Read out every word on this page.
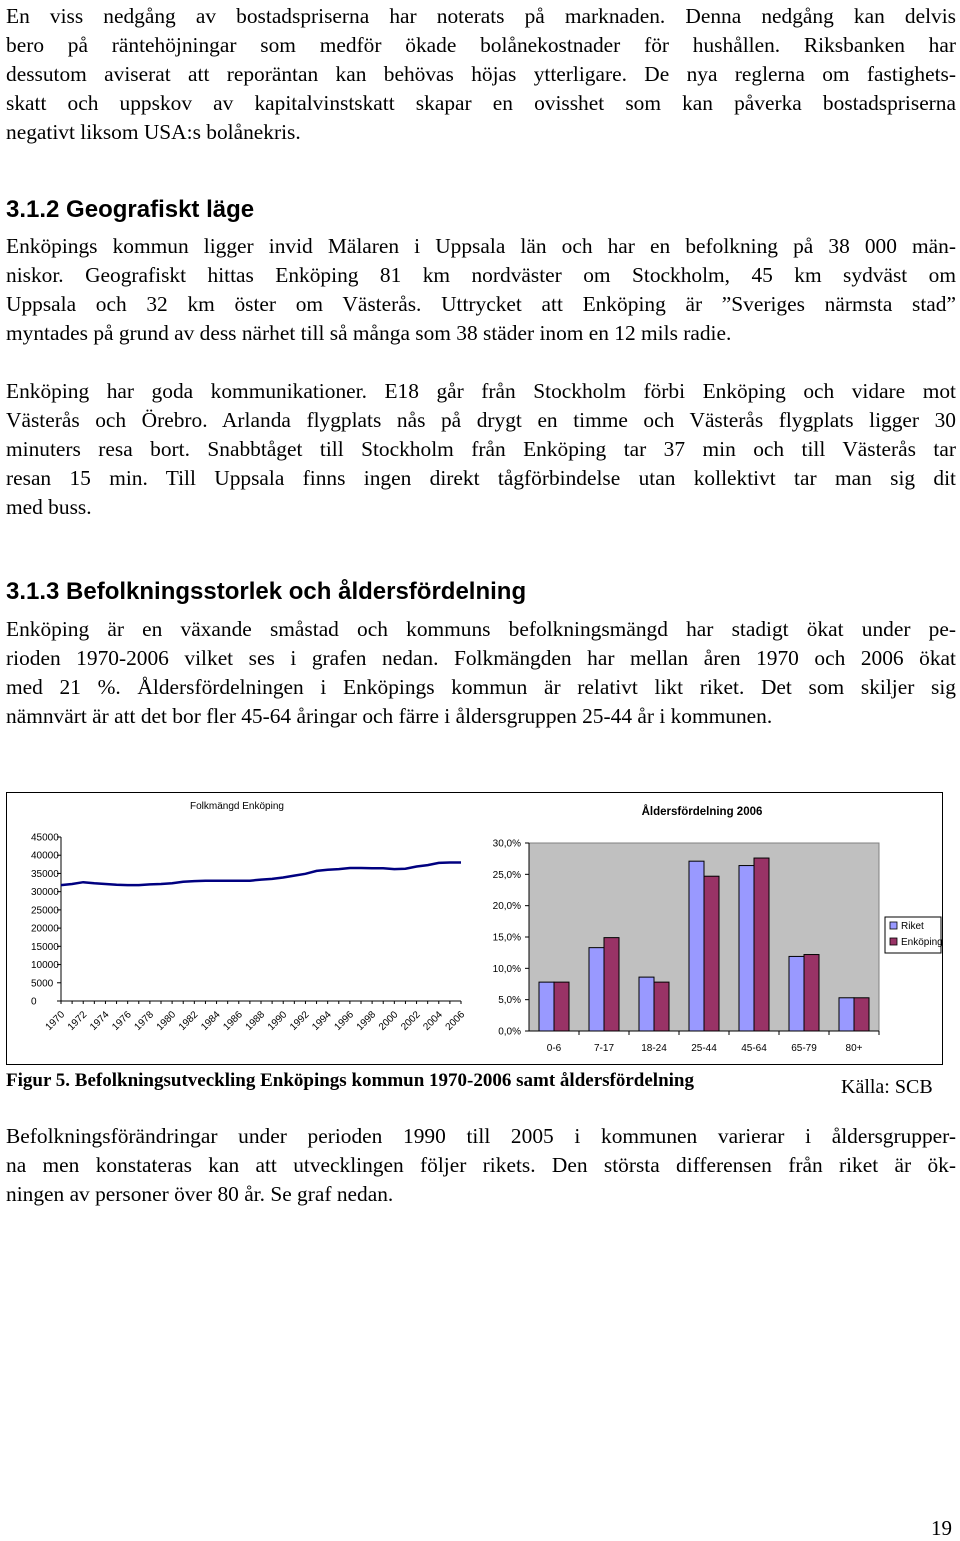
En viss nedgång av bostadspriserna har noterats på marknaden. Denna nedgång kan delvis
bero på räntehöjningar som medför ökade bolånekostnader för hushållen. Riksbanken har
dessutom aviserat att reporäntan kan behövas höjas ytterligare. De nya reglerna om fastighets-
skatt och uppskov av kapitalvinstskatt skapar en ovisshet som kan påverka bostadspriserna
negativt liksom USA:s bolånekris.
3.1.2 Geografiskt läge
Enköpings kommun ligger invid Mälaren i Uppsala län och har en befolkning på 38 000 män-
niskor. Geografiskt hittas Enköping 81 km nordväster om Stockholm, 45 km sydväst om
Uppsala och 32 km öster om Västerås. Uttrycket att Enköping är ”Sveriges närmsta stad”
myntades på grund av dess närhet till så många som 38 städer inom en 12 mils radie.
Enköping har goda kommunikationer. E18 går från Stockholm förbi Enköping och vidare mot
Västerås och Örebro. Arlanda flygplats nås på drygt en timme och Västerås flygplats ligger 30
minuters resa bort. Snabbtåget till Stockholm från Enköping tar 37 min och till Västerås tar
resan 15 min. Till Uppsala finns ingen direkt tågförbindelse utan kollektivt tar man sig dit
med buss.
3.1.3 Befolkningsstorlek och åldersfördelning
Enköping är en växande småstad och kommuns befolkningsmängd har stadigt ökat under pe-
rioden 1970-2006 vilket ses i grafen nedan. Folkmängden har mellan åren 1970 och 2006 ökat
med 21 %. Åldersfördelningen i Enköpings kommun är relativt likt riket. Det som skiljer sig
nämnvärt är att det bor fler 45-64 åringar och färre i åldersgruppen 25-44 år i kommunen.
Folkmängd Enköping
0
5000
10000
15000
20000
25000
30000
35000
40000
45000
1970
1972
1974
1976
1978
1980
1982
1984
1986
1988
1990
1992
1994
1996
1998
2000
2002
2004
2006
Åldersfördelning 2006
0,0%
5,0%
10,0%
15,0%
20,0%
25,0%
30,0%
0-6	7-17	18-24 25-44 45-64 65-79	80+
Riket
Enköping
Figur 5. Befolkningsutveckling Enköpings kommun 1970-2006 samt åldersfördelning	Källa: SCB
Befolkningsförändringar under perioden 1990 till 2005 i kommunen varierar i åldersgrupper-
na men konstateras kan att utvecklingen följer rikets. Den största differensen från riket är ök-
ningen av personer över 80 år. Se graf nedan.
19
